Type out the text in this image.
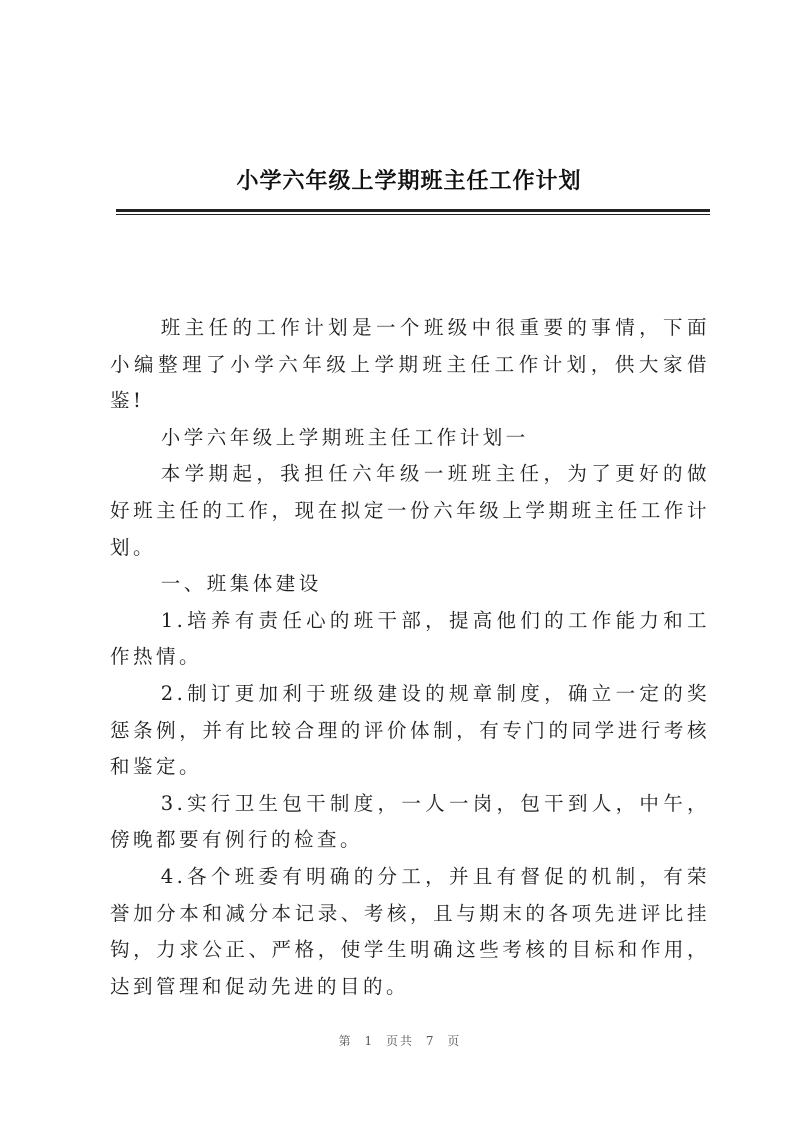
小学六年级上学期班主任工作计划

班主任的工作计划是一个班级中很重要的事情，下面小编整理了小学六年级上学期班主任工作计划，供大家借鉴!

小学六年级上学期班主任工作计划一

本学期起，我担任六年级一班班主任，为了更好的做好班主任的工作，现在拟定一份六年级上学期班主任工作计划。

一、班集体建设

1.培养有责任心的班干部，提高他们的工作能力和工作热情。

2.制订更加利于班级建设的规章制度，确立一定的奖惩条例，并有比较合理的评价体制，有专门的同学进行考核和鉴定。

3.实行卫生包干制度，一人一岗，包干到人，中午，傍晚都要有例行的检查。

4.各个班委有明确的分工，并且有督促的机制，有荣誉加分本和减分本记录、考核，且与期末的各项先进评比挂钩，力求公正、严格，使学生明确这些考核的目标和作用，达到管理和促动先进的目的。

第 1 页共 7 页
